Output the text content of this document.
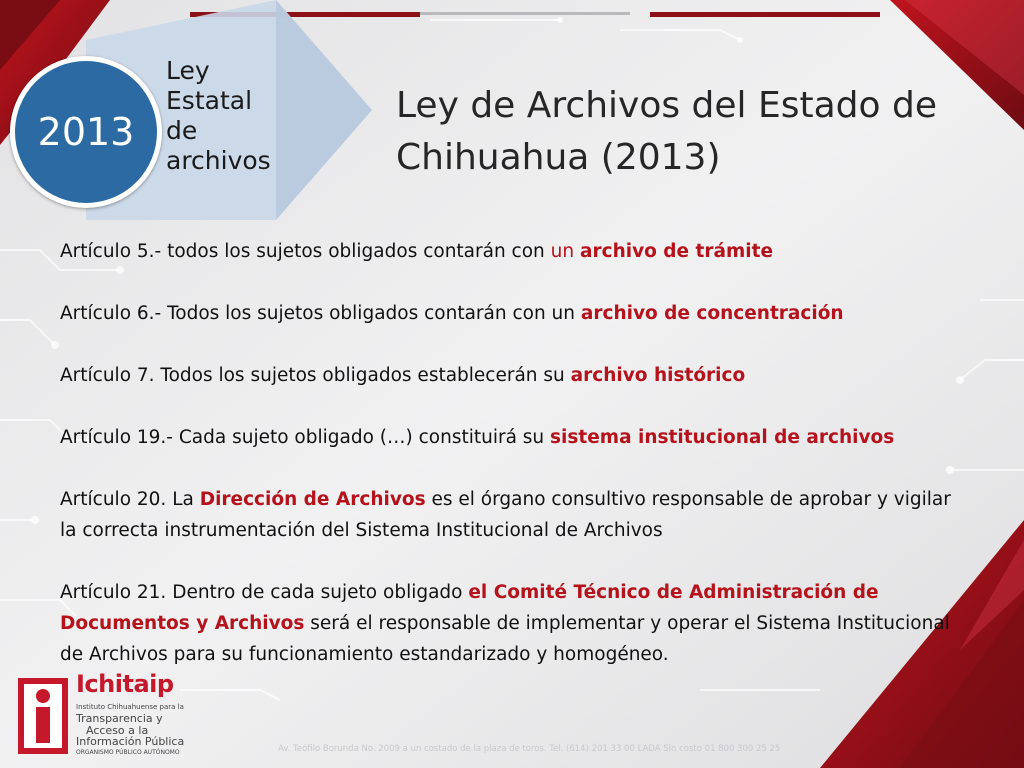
2013
Ley
Estatal
de
archivos
Ley de Archivos del Estado de
Chihuahua (2013)

Artículo 5.- todos los sujetos obligados contarán con un archivo de trámite

Artículo 6.- Todos los sujetos obligados contarán con un archivo de concentración

Artículo 7. Todos los sujetos obligados establecerán su archivo histórico

Artículo 19.- Cada sujeto obligado (…) constituirá su sistema institucional de archivos

Artículo 20. La Dirección de Archivos es el órgano consultivo responsable de aprobar y vigilar la correcta instrumentación del Sistema Institucional de Archivos

Artículo 21. Dentro de cada sujeto obligado el Comité Técnico de Administración de Documentos y Archivos será el responsable de implementar y operar el Sistema Institucional de Archivos para su funcionamiento estandarizado y homogéneo.

Ichitaip
Instituto Chihuahuense para la
Transparencia y
Acceso a la
Información Pública
ORGANISMO PÚBLICO AUTÓNOMO	Av. Teófilo Borunda No. 2009 a un costado de la plaza de toros. Tel. (614) 201 33 00 LADA Sin costo 01 800 300 25 25
